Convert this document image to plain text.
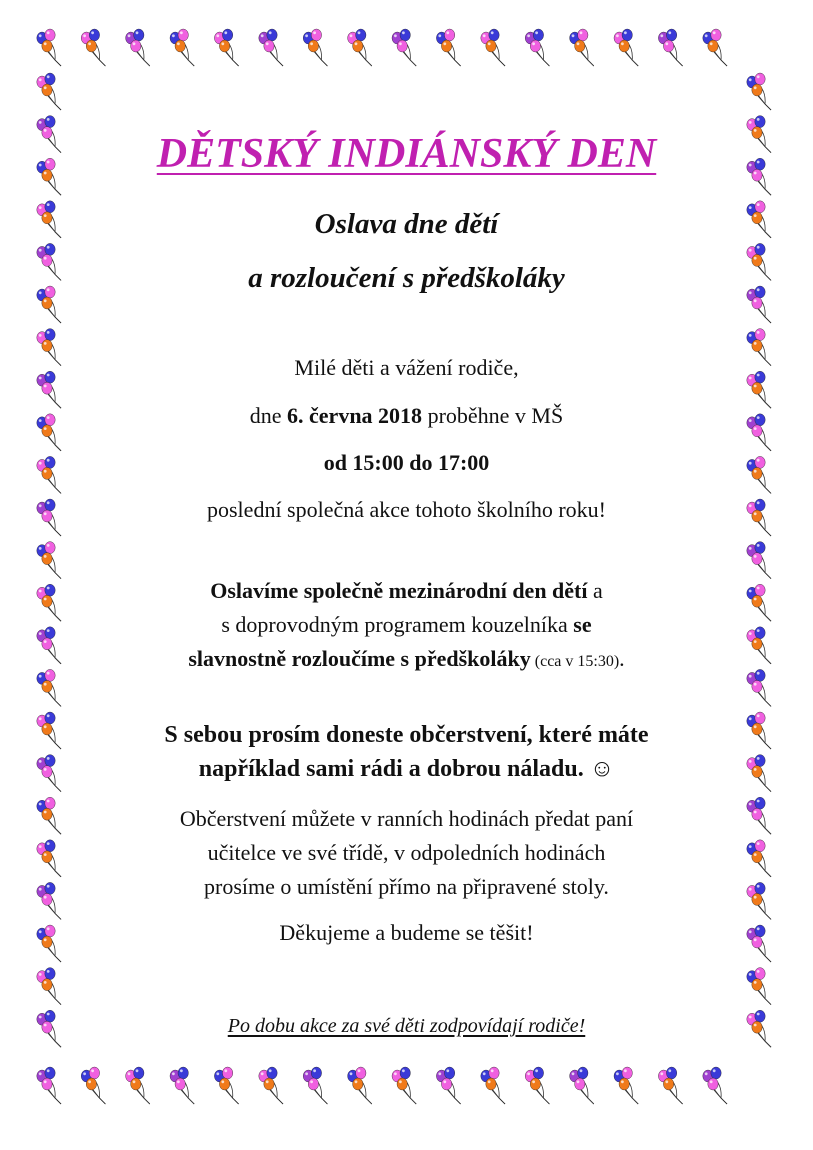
DĚTSKÝ INDIÁNSKÝ DEN
Oslava dne dětí
a rozloučení s předškoláky
Milé děti a vážení rodiče,
dne 6. června 2018 proběhne v MŠ
od 15:00 do 17:00
poslední společná akce tohoto školního roku!
Oslavíme společně mezinárodní den dětí a
s doprovodným programem kouzelníka se
slavnostně rozloučíme s předškoláky (cca v 15:30).
S sebou prosím doneste občerstvení, které máte
například sami rádi a dobrou náladu. ☺
Občerstvení můžete v ranních hodinách předat paní
učitelce ve své třídě, v odpoledních hodinách
prosíme o umístění přímo na připravené stoly.
Děkujeme a budeme se těšit!
Po dobu akce za své děti zodpovídají rodiče!
